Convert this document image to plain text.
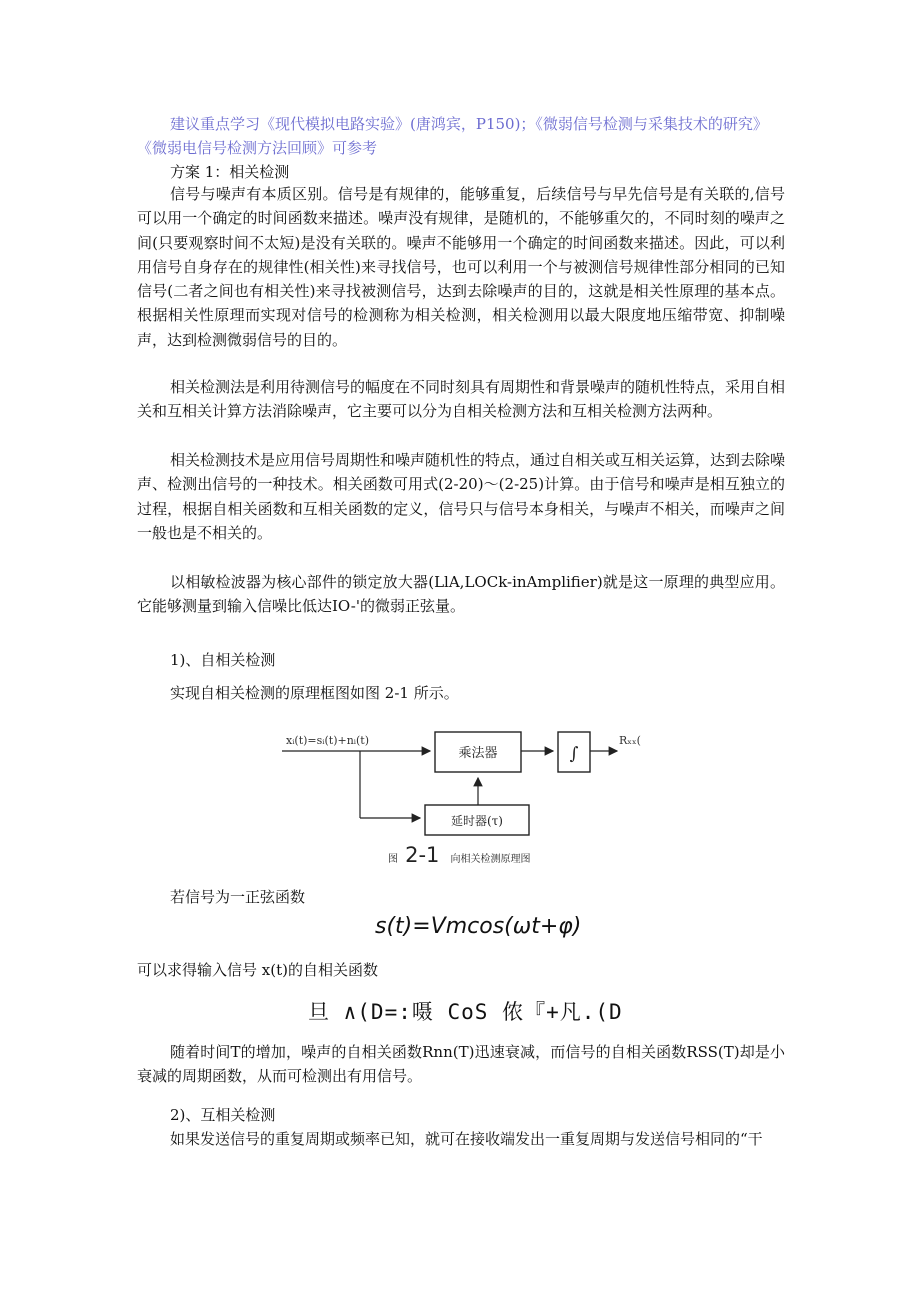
建议重点学习《现代模拟电路实验》(唐鸿宾，P150)；《微弱信号检测与采集技术的研究》
《微弱电信号检测方法回顾》可参考
方案 1：相关检测
信号与噪声有本质区别。信号是有规律的，能够重复，后续信号与早先信号是有关联的,信号可以用一个确定的时间函数来描述。噪声没有规律，是随机的，不能够重欠的，不同时刻的噪声之间(只要观察时间不太短)是没有关联的。噪声不能够用一个确定的时间函数来描述。因此，可以利用信号自身存在的规律性(相关性)来寻找信号，也可以利用一个与被测信号规律性部分相同的已知信号(二者之间也有相关性)来寻找被测信号，达到去除噪声的目的，这就是相关性原理的基本点。根据相关性原理而实现对信号的检测称为相关检测，相关检测用以最大限度地压缩带宽、抑制噪声，达到检测微弱信号的目的。
相关检测法是利用待测信号的幅度在不同时刻具有周期性和背景噪声的随机性特点，采用自相关和互相关计算方法消除噪声，它主要可以分为自相关检测方法和互相关检测方法两种。
相关检测技术是应用信号周期性和噪声随机性的特点，通过自相关或互相关运算，达到去除噪声、检测出信号的一种技术。相关函数可用式(2-20)～(2-25)计算。由于信号和噪声是相互独立的过程，根据自相关函数和互相关函数的定义，信号只与信号本身相关，与噪声不相关，而噪声之间一般也是不相关的。
以相敏检波器为核心部件的锁定放大器(LlA,LOCk-inAmplifier)就是这一原理的典型应用。它能够测量到输入信噪比低达IO-'的微弱正弦量。
1)、自相关检测
实现自相关检测的原理框图如图 2-1 所示。
xᵢ(t)=sᵢ(t)+nᵢ(t)
乘法器	∫
Rₓₓ(
延时器(τ)
图 2-1 向相关检测原理图
若信号为一正弦函数
s(t)=Vmcos(ωt+φ)
可以求得输入信号 x(t)的自相关函数
旦 ∧(D=:嗫 CoS 侬『+凡.(D
随着时间T的增加，噪声的自相关函数Rnn(T)迅速衰减，而信号的自相关函数RSS(T)却是小衰减的周期函数，从而可检测出有用信号。
2)、互相关检测
如果发送信号的重复周期或频率已知，就可在接收端发出一重复周期与发送信号相同的“干
